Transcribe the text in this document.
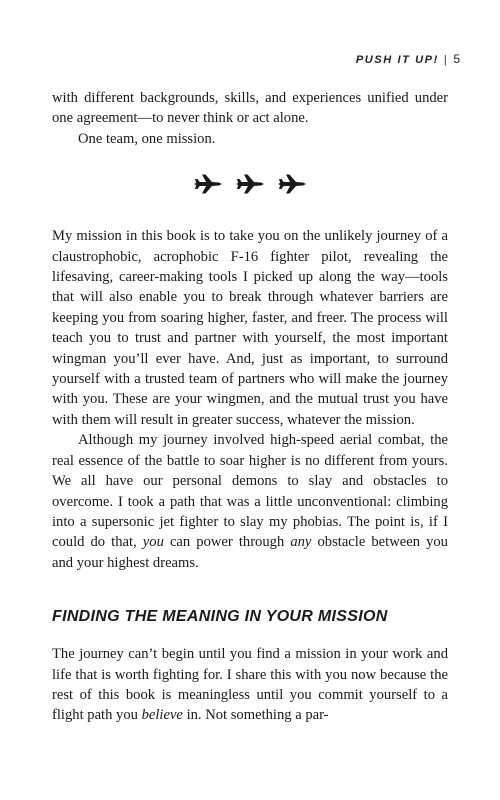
PUSH IT UP! | 5

with different backgrounds, skills, and experiences unified under one agreement—to never think or act alone.

One team, one mission.

My mission in this book is to take you on the unlikely journey of a claustrophobic, acrophobic F-16 fighter pilot, revealing the lifesaving, career-making tools I picked up along the way—tools that will also enable you to break through whatever barriers are keeping you from soaring higher, faster, and freer. The process will teach you to trust and partner with yourself, the most important wingman you’ll ever have. And, just as important, to surround yourself with a trusted team of partners who will make the journey with you. These are your wingmen, and the mutual trust you have with them will result in greater success, whatever the mission.

Although my journey involved high-speed aerial combat, the real essence of the battle to soar higher is no different from yours. We all have our personal demons to slay and obstacles to overcome. I took a path that was a little unconventional: climbing into a supersonic jet fighter to slay my phobias. The point is, if I could do that, you can power through any obstacle between you and your highest dreams.

FINDING THE MEANING IN YOUR MISSION

The journey can’t begin until you find a mission in your work and life that is worth fighting for. I share this with you now because the rest of this book is meaningless until you commit yourself to a flight path you believe in. Not something a par-
